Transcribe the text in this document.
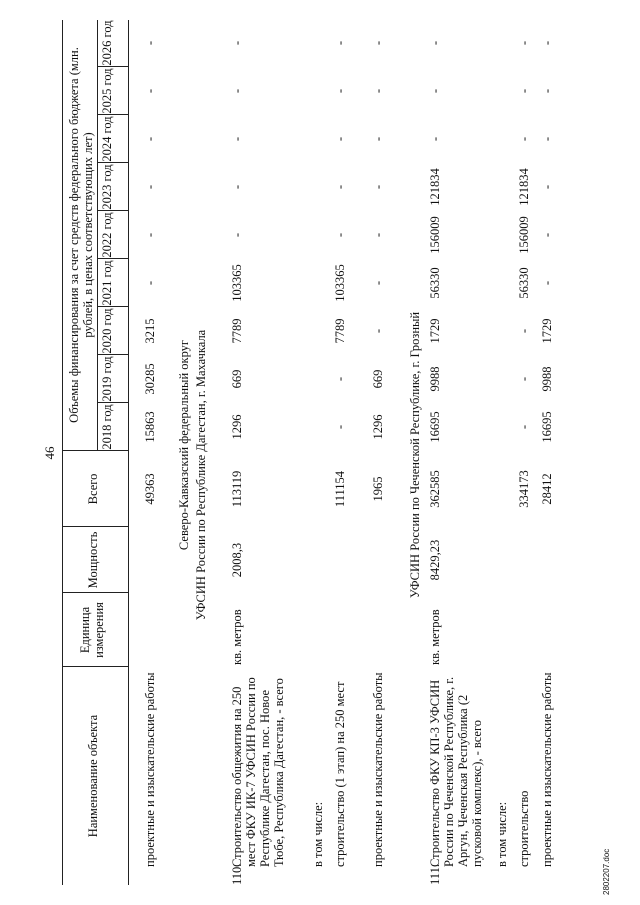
46
Наименование объекта
Единица измерения
Мощность
Всего
Объемы финансирования за счет средств федерального бюджета (млн. рублей, в ценах соответствующих лет)
2018 год
2019 год
2020 год
2021 год
2022 год
2023 год
2024 год
2025 год
2026 год
проектные и изыскательские работы
49363
15863
30285
3215
-
-
-
-
-
-
Северо-Кавказский федеральный округ УФСИН России по Республике Дагестан, г. Махачкала
110.
Строительство общежития на 250 мест ФКУ ИК-7 УФСИН России по Республике Дагестан, пос. Новое Тюбе, Республика Дагестан, - всего
кв. метров
2008,3
113119
1296
669
7789
103365
-
-
-
-
-
в том числе: строительство (1 этап) на 250 мест
111154
-
-
7789
103365
-
-
-
-
-
проектные и изыскательские работы
1965
1296
669
-
-
-
-
-
-
-
УФСИН России по Чеченской Республике, г. Грозный
111.
Строительство ФКУ КП-3 УФСИН России по Чеченской Республике, г. Аргун, Чеченская Республика (2 пусковой комплекс), - всего
кв. метров
8429,23
362585
16695
9988
1729
56330
156009
121834
-
-
-
в том числе: строительство
334173
-
-
-
56330
156009
121834
-
-
-
проектные и изыскательские работы
28412
16695
9988
1729
-
-
-
-
-
-
2802207.doc
